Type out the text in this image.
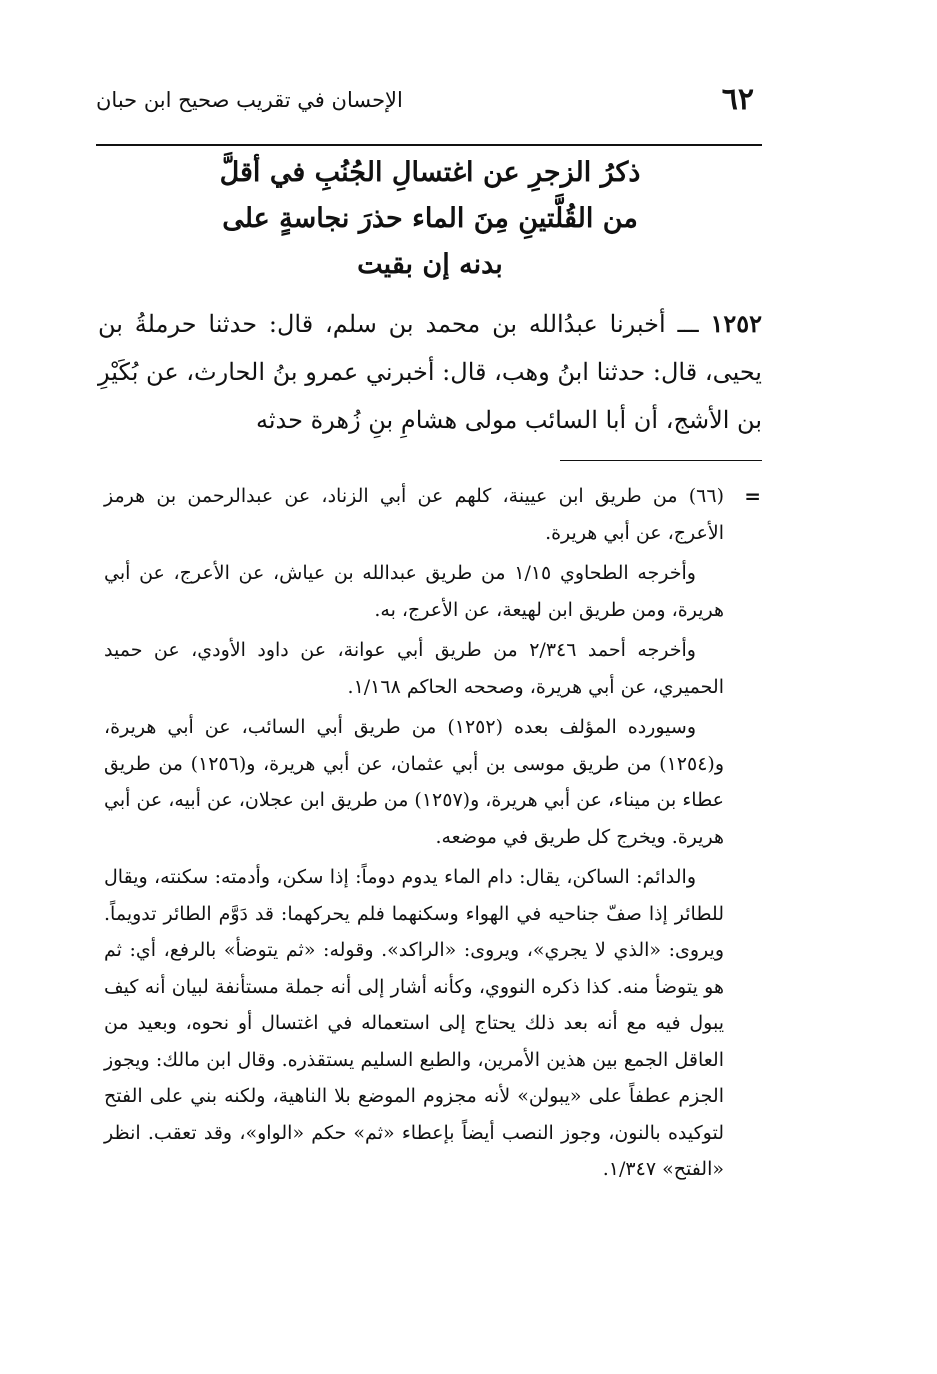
٦٢
الإحسان في تقريب صحيح ابن حبان
ذكرُ الزجرِ عن اغتسالِ الجُنُبِ في أقلَّ
من القُلَّتينِ مِنَ الماء حذرَ نجاسةٍ على
بدنه إن بقيت
١٢٥٢ ـــ أخبرنا عبدُالله بن محمد بن سلم، قال: حدثنا حرملةُ بن يحيى، قال: حدثنا ابنُ وهب، قال: أخبرني عمرو بنُ الحارث، عن بُكَيْرِ بن الأشج، أن أبا السائب مولى هشامِ بنِ زُهرة حدثه
=

(٦٦) من طريق ابن عيينة، كلهم عن أبي الزناد، عن عبدالرحمن بن هرمز الأعرج، عن أبي هريرة.

وأخرجه الطحاوي ١/١٥ من طريق عبدالله بن عياش، عن الأعرج، عن أبي هريرة، ومن طريق ابن لهيعة، عن الأعرج، به.

وأخرجه أحمد ٢/٣٤٦ من طريق أبي عوانة، عن داود الأودي، عن حميد الحميري، عن أبي هريرة، وصححه الحاكم ١/١٦٨.

وسيورده المؤلف بعده (١٢٥٢) من طريق أبي السائب، عن أبي هريرة، و(١٢٥٤) من طريق موسى بن أبي عثمان، عن أبي هريرة، و(١٢٥٦) من طريق عطاء بن ميناء، عن أبي هريرة، و(١٢٥٧) من طريق ابن عجلان، عن أبيه، عن أبي هريرة. ويخرج كل طريق في موضعه.

والدائم: الساكن، يقال: دام الماء يدوم دوماً: إذا سكن، وأدمته: سكنته، ويقال للطائر إذا صفّ جناحيه في الهواء وسكنهما فلم يحركهما: قد دَوَّم الطائر تدويماً. ويروى: «الذي لا يجري»، ويروى: «الراكد». وقوله: «ثم يتوضأ» بالرفع، أي: ثم هو يتوضأ منه. كذا ذكره النووي، وكأنه أشار إلى أنه جملة مستأنفة لبيان أنه كيف يبول فيه مع أنه بعد ذلك يحتاج إلى استعماله في اغتسال أو نحوه، وبعيد من العاقل الجمع بين هذين الأمرين، والطبع السليم يستقذره. وقال ابن مالك: ويجوز الجزم عطفاً على «يبولن» لأنه مجزوم الموضع بلا الناهية، ولكنه بني على الفتح لتوكيده بالنون، وجوز النصب أيضاً بإعطاء «ثم» حكم «الواو»، وقد تعقب. انظر «الفتح» ١/٣٤٧.
